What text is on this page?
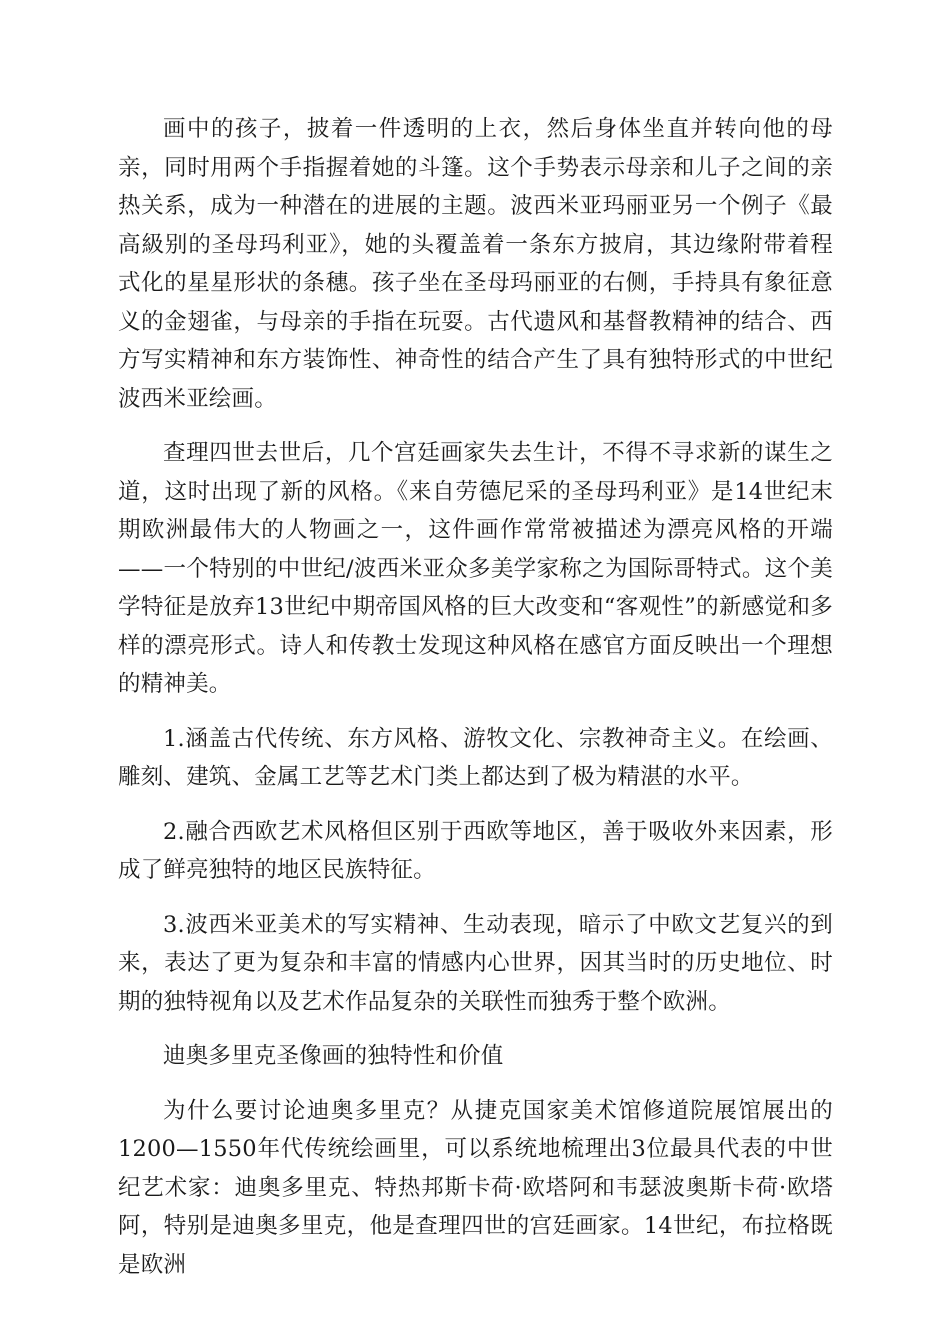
画中的孩子，披着一件透明的上衣，然后身体坐直并转向他的母亲，同时用两个手指握着她的斗篷。这个手势表示母亲和儿子之间的亲热关系，成为一种潜在的进展的主题。波西米亚玛丽亚另一个例子《最高級别的圣母玛利亚》，她的头覆盖着一条东方披肩，其边缘附带着程式化的星星形状的条穗。孩子坐在圣母玛丽亚的右侧，手持具有象征意义的金翅雀，与母亲的手指在玩耍。古代遗风和基督教精神的结合、西方写实精神和东方装饰性、神奇性的结合产生了具有独特形式的中世纪波西米亚绘画。

查理四世去世后，几个宫廷画家失去生计，不得不寻求新的谋生之道，这时出现了新的风格。《来自劳德尼采的圣母玛利亚》是14世纪末期欧洲最伟大的人物画之一，这件画作常常被描述为漂亮风格的开端——一个特别的中世纪/波西米亚众多美学家称之为国际哥特式。这个美学特征是放弃13世纪中期帝国风格的巨大改变和“客观性”的新感觉和多样的漂亮形式。诗人和传教士发现这种风格在感官方面反映出一个理想的精神美。

1.涵盖古代传统、东方风格、游牧文化、宗教神奇主义。在绘画、雕刻、建筑、金属工艺等艺术门类上都达到了极为精湛的水平。

2.融合西欧艺术风格但区别于西欧等地区，善于吸收外来因素，形成了鲜亮独特的地区民族特征。

3.波西米亚美术的写实精神、生动表现，暗示了中欧文艺复兴的到来，表达了更为复杂和丰富的情感内心世界，因其当时的历史地位、时期的独特视角以及艺术作品复杂的关联性而独秀于整个欧洲。

迪奥多里克圣像画的独特性和价值

为什么要讨论迪奥多里克？从捷克国家美术馆修道院展馆展出的1200—1550年代传统绘画里，可以系统地梳理出3位最具代表的中世纪艺术家：迪奥多里克、特热邦斯卡荷·欧塔阿和韦瑟波奥斯卡荷·欧塔阿，特别是迪奥多里克，他是查理四世的宫廷画家。14世纪，布拉格既是欧洲
